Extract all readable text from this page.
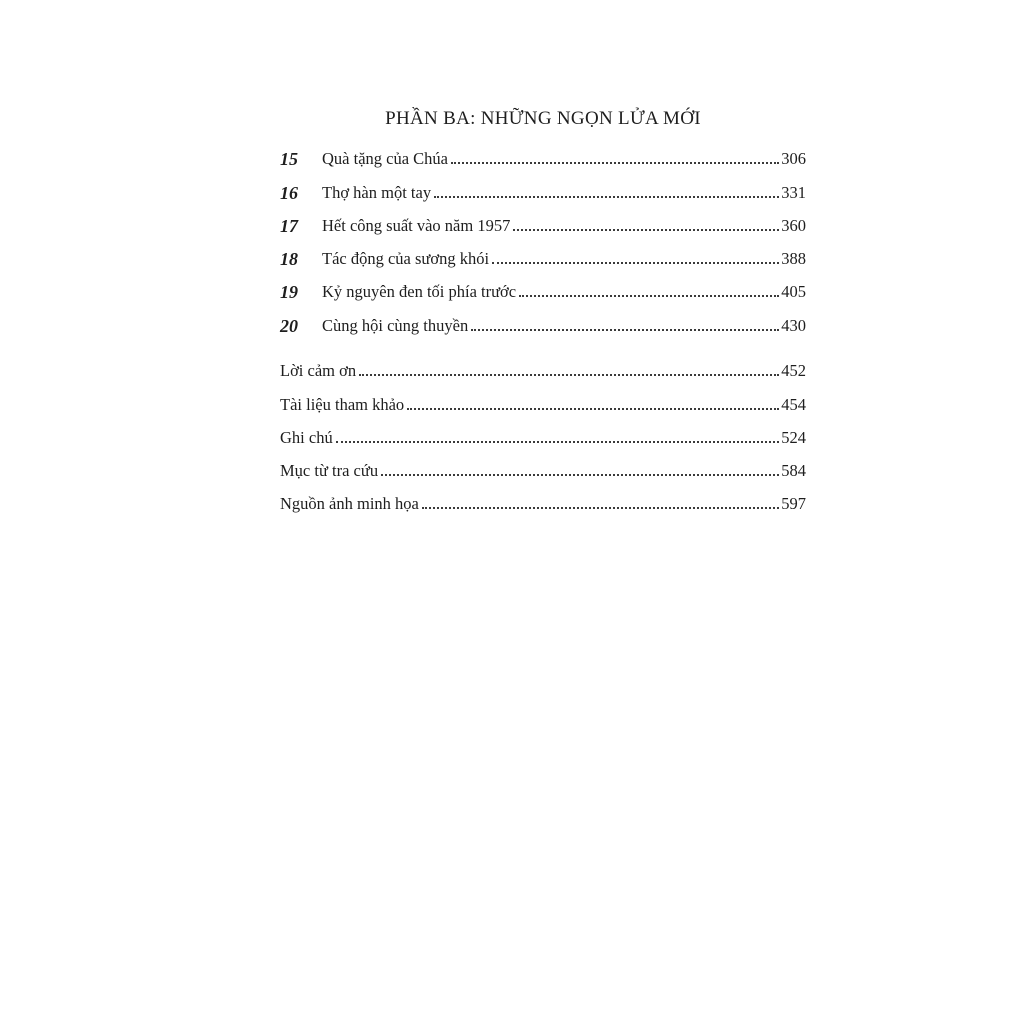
PHẦN BA: NHỮNG NGỌN LỬA MỚI
15	Quà tặng của Chúa	306
16	Thợ hàn một tay	331
17	Hết công suất vào năm 1957	360
18	Tác động của sương khói	388
19	Kỷ nguyên đen tối phía trước	405
20	Cùng hội cùng thuyền	430
Lời cảm ơn	452
Tài liệu tham khảo	454
Ghi chú	524
Mục từ tra cứu	584
Nguồn ảnh minh họa	597
